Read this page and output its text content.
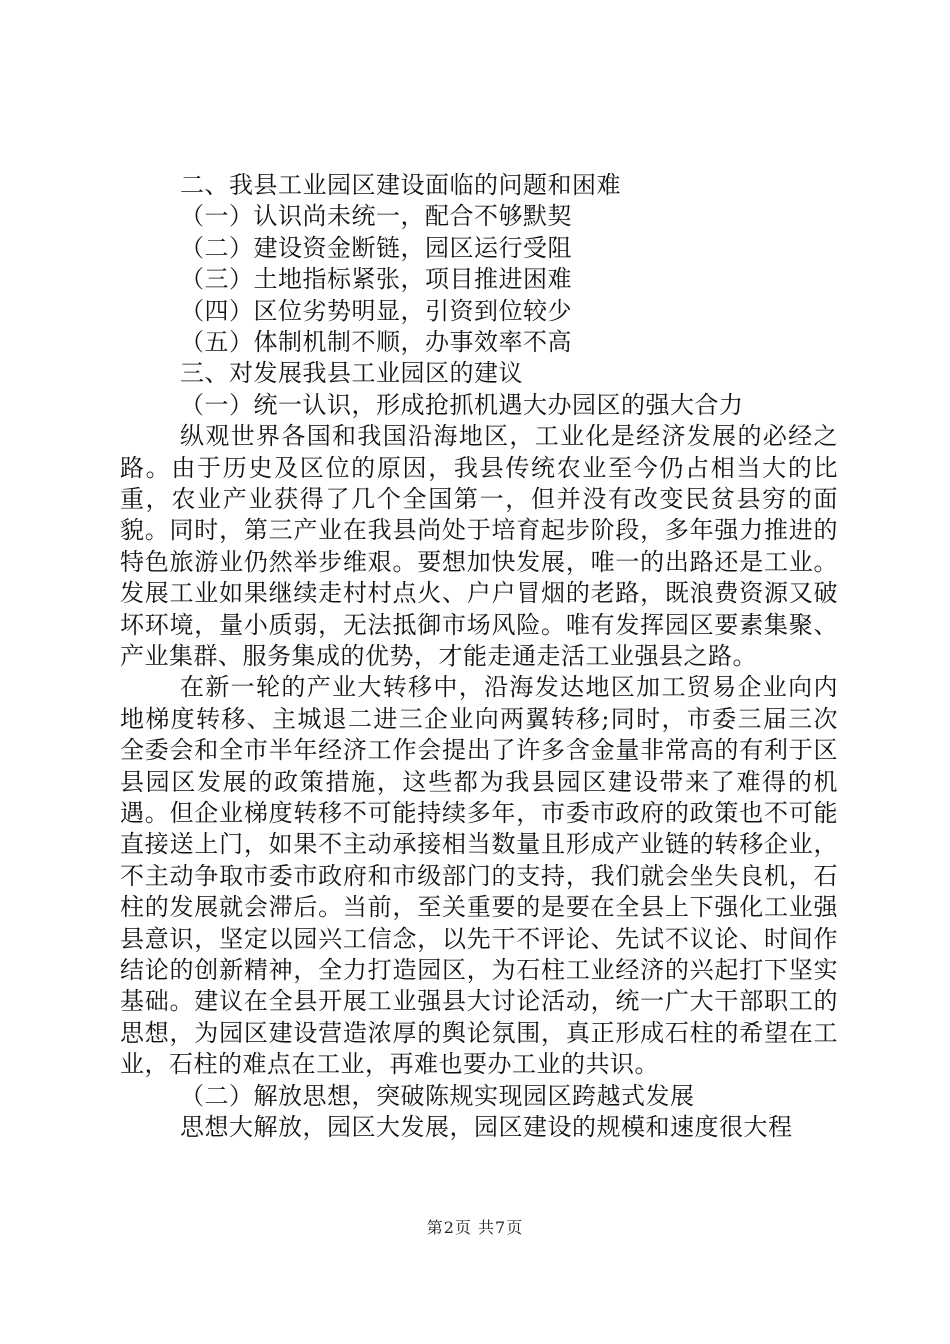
二、我县工业园区建设面临的问题和困难
（一）认识尚未统一，配合不够默契
（二）建设资金断链，园区运行受阻
（三）土地指标紧张，项目推进困难
（四）区位劣势明显，引资到位较少
（五）体制机制不顺，办事效率不高
三、对发展我县工业园区的建议
（一）统一认识，形成抢抓机遇大办园区的强大合力

纵观世界各国和我国沿海地区，工业化是经济发展的必经之路。由于历史及区位的原因，我县传统农业至今仍占相当大的比重，农业产业获得了几个全国第一，但并没有改变民贫县穷的面貌。同时，第三产业在我县尚处于培育起步阶段，多年强力推进的特色旅游业仍然举步维艰。要想加快发展，唯一的出路还是工业。发展工业如果继续走村村点火、户户冒烟的老路，既浪费资源又破坏环境，量小质弱，无法抵御市场风险。唯有发挥园区要素集聚、产业集群、服务集成的优势，才能走通走活工业强县之路。

在新一轮的产业大转移中，沿海发达地区加工贸易企业向内地梯度转移、主城退二进三企业向两翼转移;同时，市委三届三次全委会和全市半年经济工作会提出了许多含金量非常高的有利于区县园区发展的政策措施，这些都为我县园区建设带来了难得的机遇。但企业梯度转移不可能持续多年，市委市政府的政策也不可能直接送上门，如果不主动承接相当数量且形成产业链的转移企业，不主动争取市委市政府和市级部门的支持，我们就会坐失良机，石柱的发展就会滞后。当前，至关重要的是要在全县上下强化工业强县意识，坚定以园兴工信念，以先干不评论、先试不议论、时间作结论的创新精神，全力打造园区，为石柱工业经济的兴起打下坚实基础。建议在全县开展工业强县大讨论活动，统一广大干部职工的思想，为园区建设营造浓厚的舆论氛围，真正形成石柱的希望在工业，石柱的难点在工业，再难也要办工业的共识。

（二）解放思想，突破陈规实现园区跨越式发展

思想大解放，园区大发展，园区建设的规模和速度很大程

第2页 共7页
